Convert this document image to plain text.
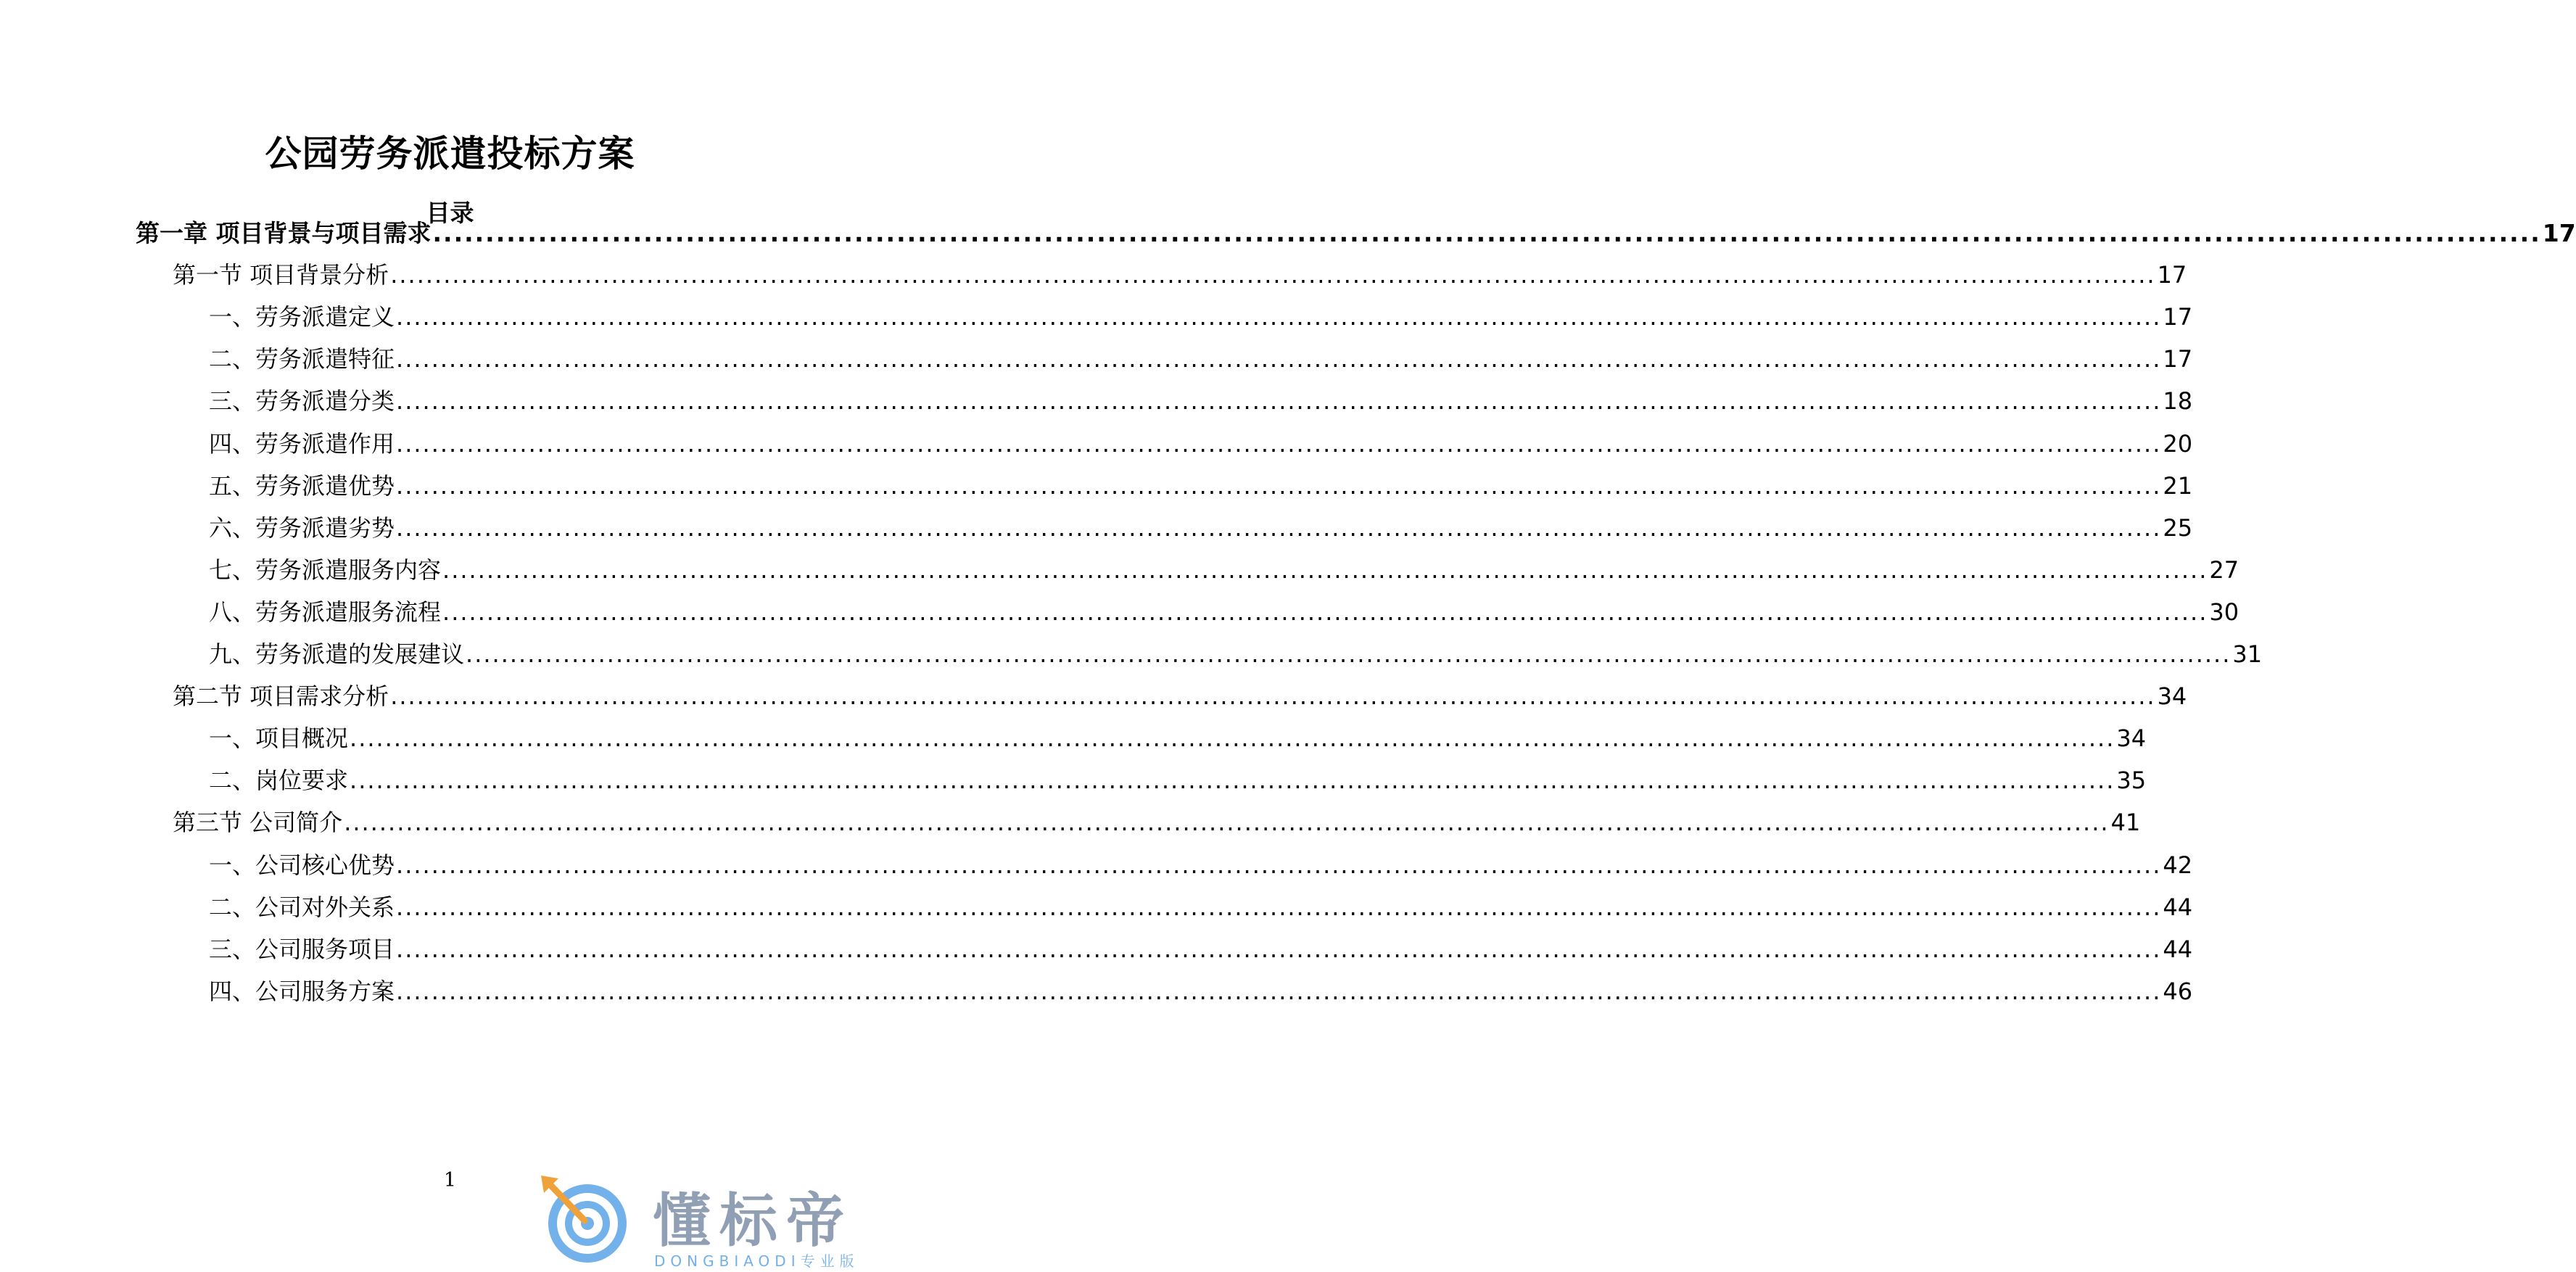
公园劳务派遣投标方案
目录
第一章 项目背景与项目需求 ........................................................................................................................................................................................................ 17
第一节 项目背景分析 ........................................................................................................................................................................................................ 17
一、劳务派遣定义 ........................................................................................................................................................................................................ 17
二、劳务派遣特征 ........................................................................................................................................................................................................ 17
三、劳务派遣分类 ........................................................................................................................................................................................................ 18
四、劳务派遣作用 ........................................................................................................................................................................................................ 20
五、劳务派遣优势 ........................................................................................................................................................................................................ 21
六、劳务派遣劣势 ........................................................................................................................................................................................................ 25
七、劳务派遣服务内容 ........................................................................................................................................................................................................ 27
八、劳务派遣服务流程 ........................................................................................................................................................................................................ 30
九、劳务派遣的发展建议 ........................................................................................................................................................................................................ 31
第二节 项目需求分析 ........................................................................................................................................................................................................ 34
一、项目概况 ........................................................................................................................................................................................................ 34
二、岗位要求 ........................................................................................................................................................................................................ 35
第三节 公司简介 ........................................................................................................................................................................................................ 41
一、公司核心优势 ........................................................................................................................................................................................................ 42
二、公司对外关系 ........................................................................................................................................................................................................ 44
三、公司服务项目 ........................................................................................................................................................................................................ 44
四、公司服务方案 ........................................................................................................................................................................................................ 46
1
懂标帝
DONGBIAODI专业版
